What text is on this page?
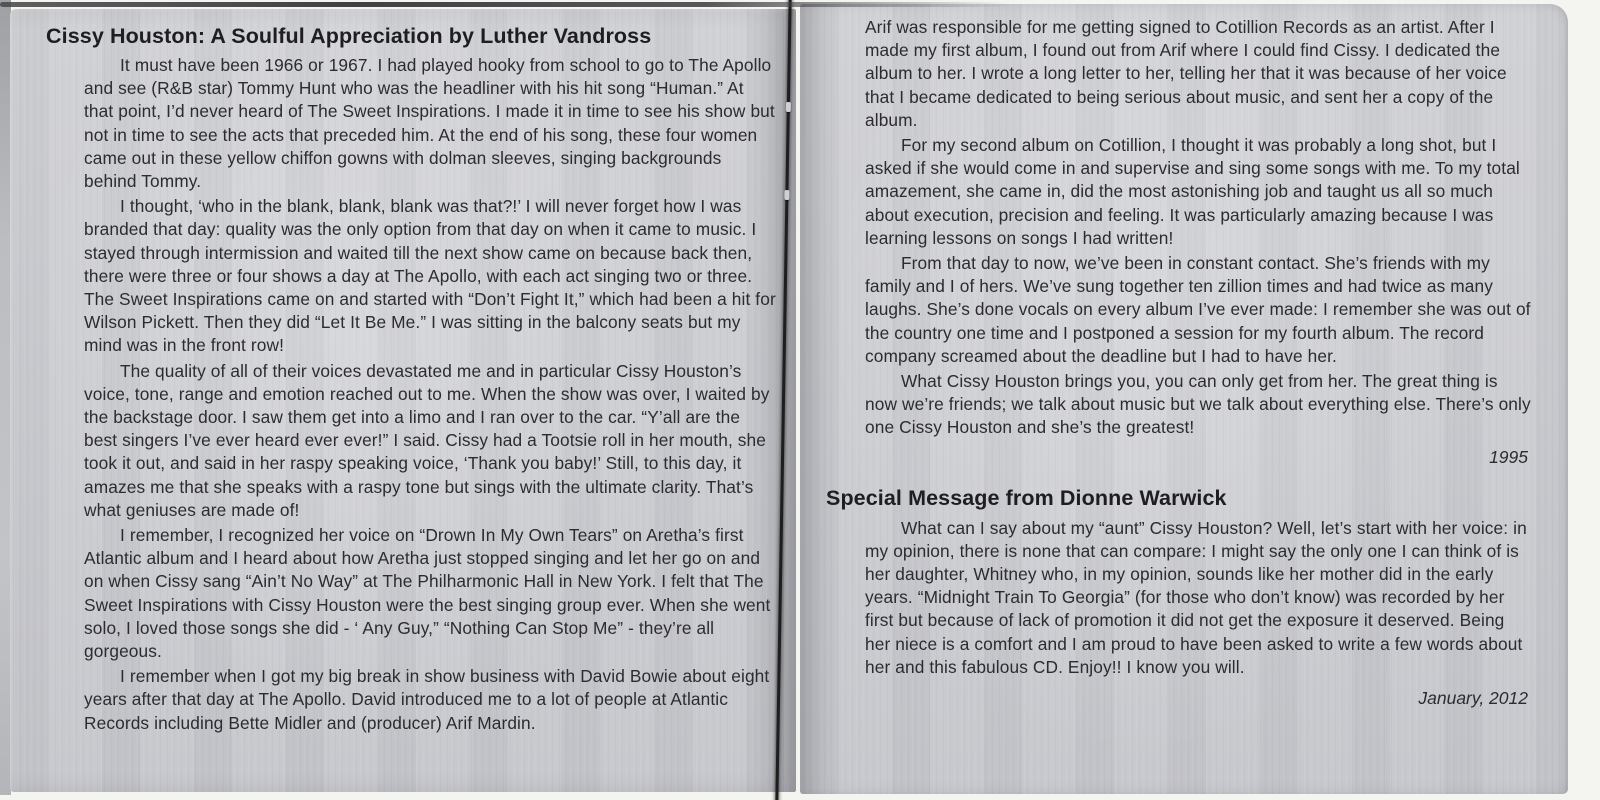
Cissy Houston: A Soulful Appreciation by Luther Vandross

It must have been 1966 or 1967. I had played hooky from school to go to The Apollo and see (R&B star) Tommy Hunt who was the headliner with his hit song “Human.” At that point, I’d never heard of The Sweet Inspirations. I made it in time to see his show but not in time to see the acts that preceded him. At the end of his song, these four women came out in these yellow chiffon gowns with dolman sleeves, singing backgrounds behind Tommy.

I thought, ‘who in the blank, blank, blank was that?!’ I will never forget how I was branded that day: quality was the only option from that day on when it came to music. I stayed through intermission and waited till the next show came on because back then, there were three or four shows a day at The Apollo, with each act singing two or three. The Sweet Inspirations came on and started with “Don’t Fight It,” which had been a hit for Wilson Pickett. Then they did “Let It Be Me.” I was sitting in the balcony seats but my mind was in the front row!

The quality of all of their voices devastated me and in particular Cissy Houston’s voice, tone, range and emotion reached out to me. When the show was over, I waited by the backstage door. I saw them get into a limo and I ran over to the car. “Y’all are the best singers I’ve ever heard ever ever!” I said. Cissy had a Tootsie roll in her mouth, she took it out, and said in her raspy speaking voice, ‘Thank you baby!’ Still, to this day, it amazes me that she speaks with a raspy tone but sings with the ultimate clarity. That’s what geniuses are made of!

I remember, I recognized her voice on “Drown In My Own Tears” on Aretha’s first Atlantic album and I heard about how Aretha just stopped singing and let her go on and on when Cissy sang “Ain’t No Way” at The Philharmonic Hall in New York. I felt that The Sweet Inspirations with Cissy Houston were the best singing group ever. When she went solo, I loved those songs she did - ‘ Any Guy,” “Nothing Can Stop Me” - they’re all gorgeous.

I remember when I got my big break in show business with David Bowie about eight years after that day at The Apollo. David introduced me to a lot of people at Atlantic Records including Bette Midler and (producer) Arif Mardin.

Arif was responsible for me getting signed to Cotillion Records as an artist. After I made my first album, I found out from Arif where I could find Cissy. I dedicated the album to her. I wrote a long letter to her, telling her that it was because of her voice that I became dedicated to being serious about music, and sent her a copy of the album.

For my second album on Cotillion, I thought it was probably a long shot, but I asked if she would come in and supervise and sing some songs with me. To my total amazement, she came in, did the most astonishing job and taught us all so much about execution, precision and feeling. It was particularly amazing because I was learning lessons on songs I had written!

From that day to now, we’ve been in constant contact. She’s friends with my family and I of hers. We’ve sung together ten zillion times and had twice as many laughs. She’s done vocals on every album I’ve ever made: I remember she was out of the country one time and I postponed a session for my fourth album. The record company screamed about the deadline but I had to have her.

What Cissy Houston brings you, you can only get from her. The great thing is now we’re friends; we talk about music but we talk about everything else. There’s only one Cissy Houston and she’s the greatest!

1995
Special Message from Dionne Warwick

What can I say about my “aunt” Cissy Houston? Well, let’s start with her voice: in my opinion, there is none that can compare: I might say the only one I can think of is her daughter, Whitney who, in my opinion, sounds like her mother did in the early years. “Midnight Train To Georgia” (for those who don’t know) was recorded by her first but because of lack of promotion it did not get the exposure it deserved. Being her niece is a comfort and I am proud to have been asked to write a few words about her and this fabulous CD. Enjoy!! I know you will.

January, 2012
